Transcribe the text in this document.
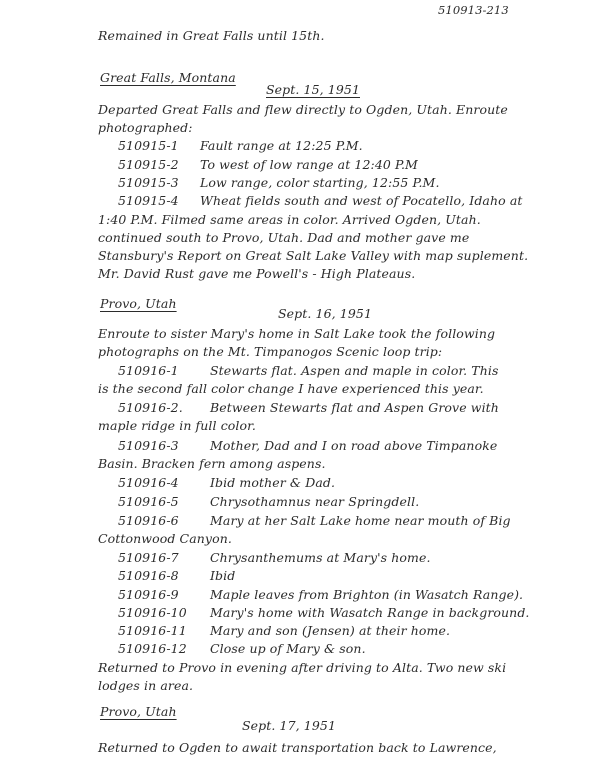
510913-213
Remained in Great Falls until 15th.
Great Falls, Montana
Sept. 15, 1951
Departed Great Falls and flew directly to Ogden, Utah. Enroute
photographed:
510915-1 Fault range at 12:25 P.M.
510915-2 To west of low range at 12:40 P.M
510915-3 Low range, color starting, 12:55 P.M.
510915-4 Wheat fields south and west of Pocatello, Idaho at
1:40 P.M. Filmed same areas in color. Arrived Ogden, Utah.
continued south to Provo, Utah. Dad and mother gave me
Stansbury's Report on Great Salt Lake Valley with map suplement.
Mr. David Rust gave me Powell's - High Plateaus.
Provo, Utah
Sept. 16, 1951
Enroute to sister Mary's home in Salt Lake took the following
photographs on the Mt. Timpanogos Scenic loop trip:
510916-1	Stewarts flat. Aspen and maple in color. This
is the second fall color change I have experienced this year.
510916-2. Between Stewarts flat and Aspen Grove with
maple ridge in full color.
510916-3	Mother, Dad and I on road above Timpanoke
Basin. Bracken fern among aspens.
510916-4	Ibid mother & Dad.
510916-5	Chrysothamnus near Springdell.
510916-6	Mary at her Salt Lake home near mouth of Big
Cottonwood Canyon.
510916-7	Chrysanthemums at Mary's home.
510916-8	Ibid
510916-9	Maple leaves from Brighton (in Wasatch Range).
510916-10 Mary's home with Wasatch Range in background.
510916-11 Mary and son (Jensen) at their home.
510916-12 Close up of Mary & son.
Returned to Provo in evening after driving to Alta. Two new ski
lodges in area.
Provo, Utah
Sept. 17, 1951
Returned to Ogden to await transportation back to Lawrence,
